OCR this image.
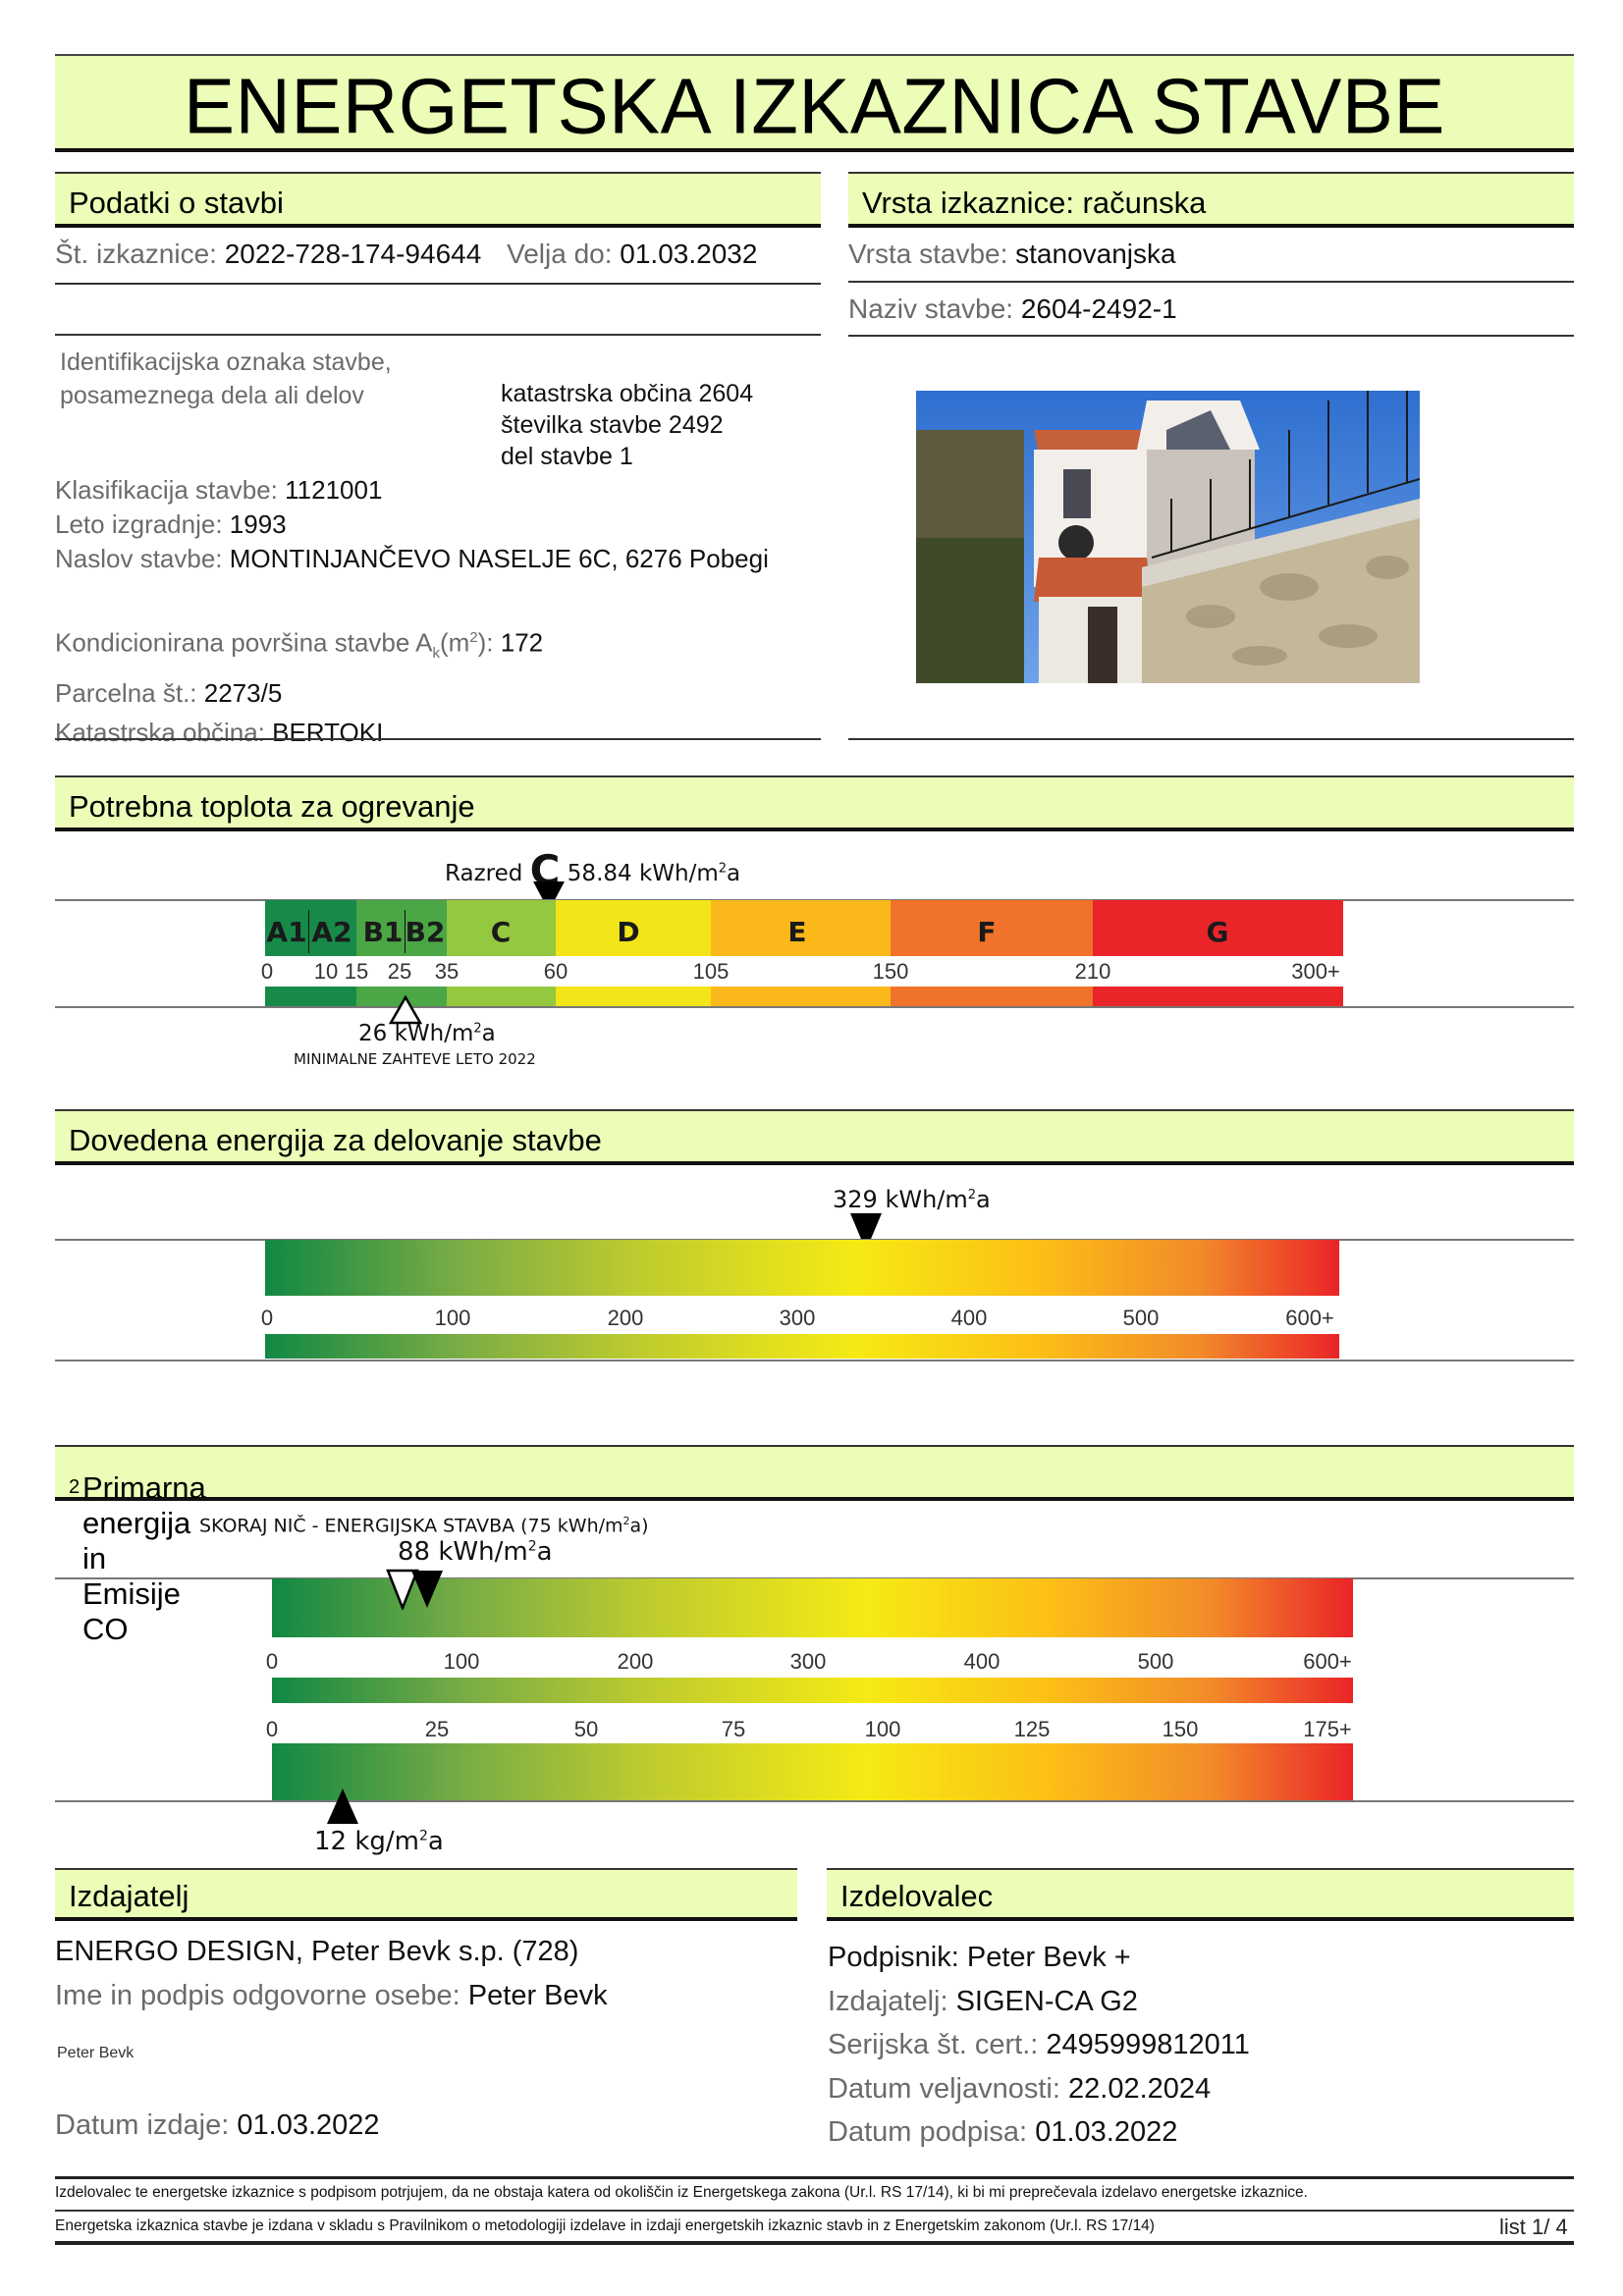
ENERGETSKA IZKAZNICA STAVBE
Podatki o stavbi
Št. izkaznice: 2022-728-174-94644 Velja do: 01.03.2032
Identifikacijska oznaka stavbe,
posameznega dela ali delov	katastrska občina 2604
številka stavbe 2492
del stavbe 1
Klasifikacija stavbe: 1121001
Leto izgradnje: 1993
Naslov stavbe: MONTINJANČEVO NASELJE 6C, 6276 Pobegi
Kondicionirana površina stavbe $A_k(m^2)$: 172
Parcelna št.: 2273/5
Katastrska občina: BERTOKI
Vrsta izkaznice: računska
Vrsta stavbe: stanovanjska
Naziv stavbe: 2604-2492-1
Potrebna toplota za ogrevanje
Razred C 58.84 kWh/$m^2a$
A1 A2 B1 B2 C	D	E	F	G
0 10 15 25 35	60	105	150	210	300+
26 kWh/$m^2a$
MINIMALNE ZAHTEVE LETO 2022
Dovedena energija za delovanje stavbe
329 kWh/$m^2a$
0	100	200	300	400	500	600+
Primarna energija in Emisije CO
$_2$
SKORAJ NIČ - ENERGIJSKA STAVBA (75 kWh/$m^2a$)
88 kWh/$m^2a$
0	100	200	300	400	500	600+
0	25	50	75	100	125	150	175+
12 $kg/m^2a$
Izdajatelj
ENERGO DESIGN, Peter Bevk s.p. (728)
Ime in podpis odgovorne osebe: Peter Bevk
Peter Bevk
Datum izdaje: 01.03.2022
Izdelovalec
Podpisnik: Peter Bevk +
Izdajatelj: SIGEN-CA G2
Serijska št. cert.: 2495999812011
Datum veljavnosti: 22.02.2024
Datum podpisa: 01.03.2022
Izdelovalec te energetske izkaznice s podpisom potrjujem, da ne obstaja katera od okoliščin iz Energetskega zakona (Ur.l. RS 17/14), ki bi mi preprečevala izdelavo energetske izkaznice.
Energetska izkaznica stavbe je izdana v skladu s Pravilnikom o metodologiji izdelave in izdaji energetskih izkaznic stavb in z Energetskim zakonom (Ur.l. RS 17/14)	list 1/ 4
